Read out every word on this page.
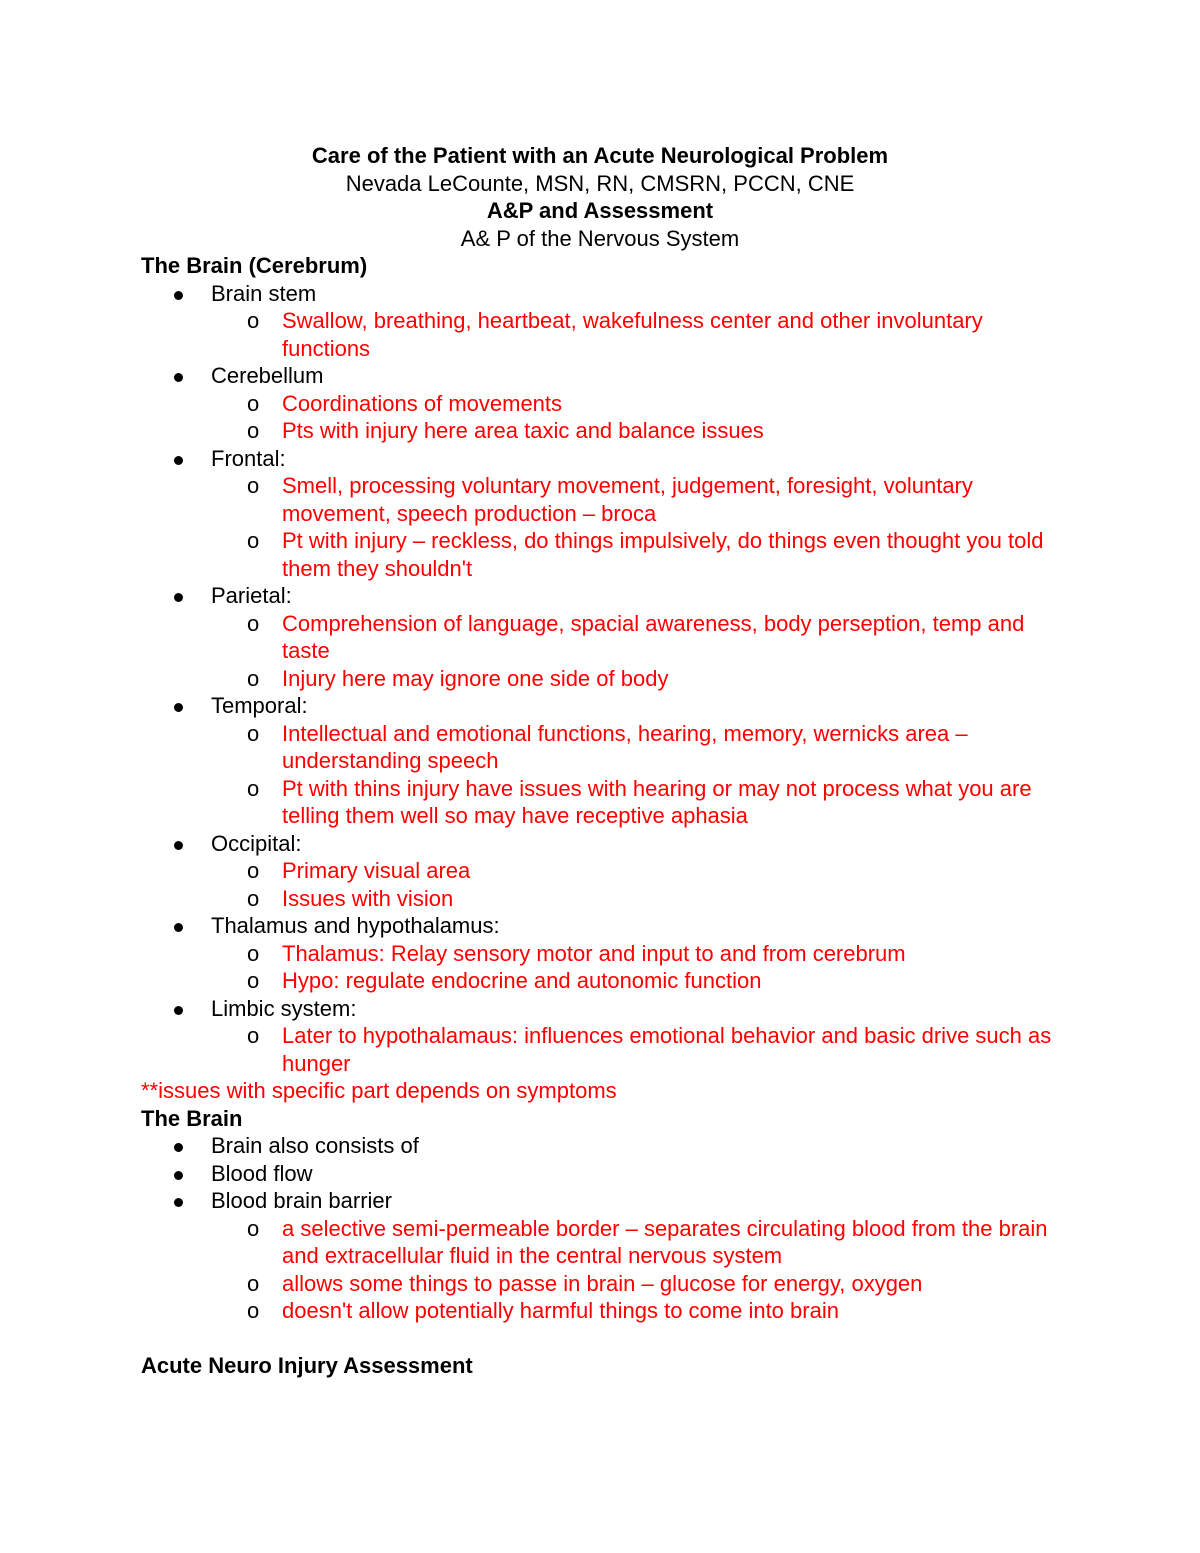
Care of the Patient with an Acute Neurological Problem
Nevada LeCounte, MSN, RN, CMSRN, PCCN, CNE
A&P and Assessment
A& P of the Nervous System
The Brain (Cerebrum)
Brain stem
o Swallow, breathing, heartbeat, wakefulness center and other involuntary functions
Cerebellum
o Coordinations of movements
o Pts with injury here area taxic and balance issues
Frontal:
o Smell, processing voluntary movement, judgement, foresight, voluntary movement, speech production – broca
o Pt with injury – reckless, do things impulsively, do things even thought you told them they shouldn't
Parietal:
o Comprehension of language, spacial awareness, body perseption, temp and taste
o Injury here may ignore one side of body
Temporal:
o Intellectual and emotional functions, hearing, memory, wernicks area – understanding speech
o Pt with thins injury have issues with hearing or may not process what you are telling them well so may have receptive aphasia
Occipital:
o Primary visual area
o Issues with vision
Thalamus and hypothalamus:
o Thalamus: Relay sensory motor and input to and from cerebrum
o Hypo: regulate endocrine and autonomic function
Limbic system:
o Later to hypothalamaus: influences emotional behavior and basic drive such as hunger
**issues with specific part depends on symptoms
The Brain
Brain also consists of
Blood flow
Blood brain barrier
o a selective semi-permeable border – separates circulating blood from the brain and extracellular fluid in the central nervous system
o allows some things to passe in brain – glucose for energy, oxygen
o doesn't allow potentially harmful things to come into brain
Acute Neuro Injury Assessment
